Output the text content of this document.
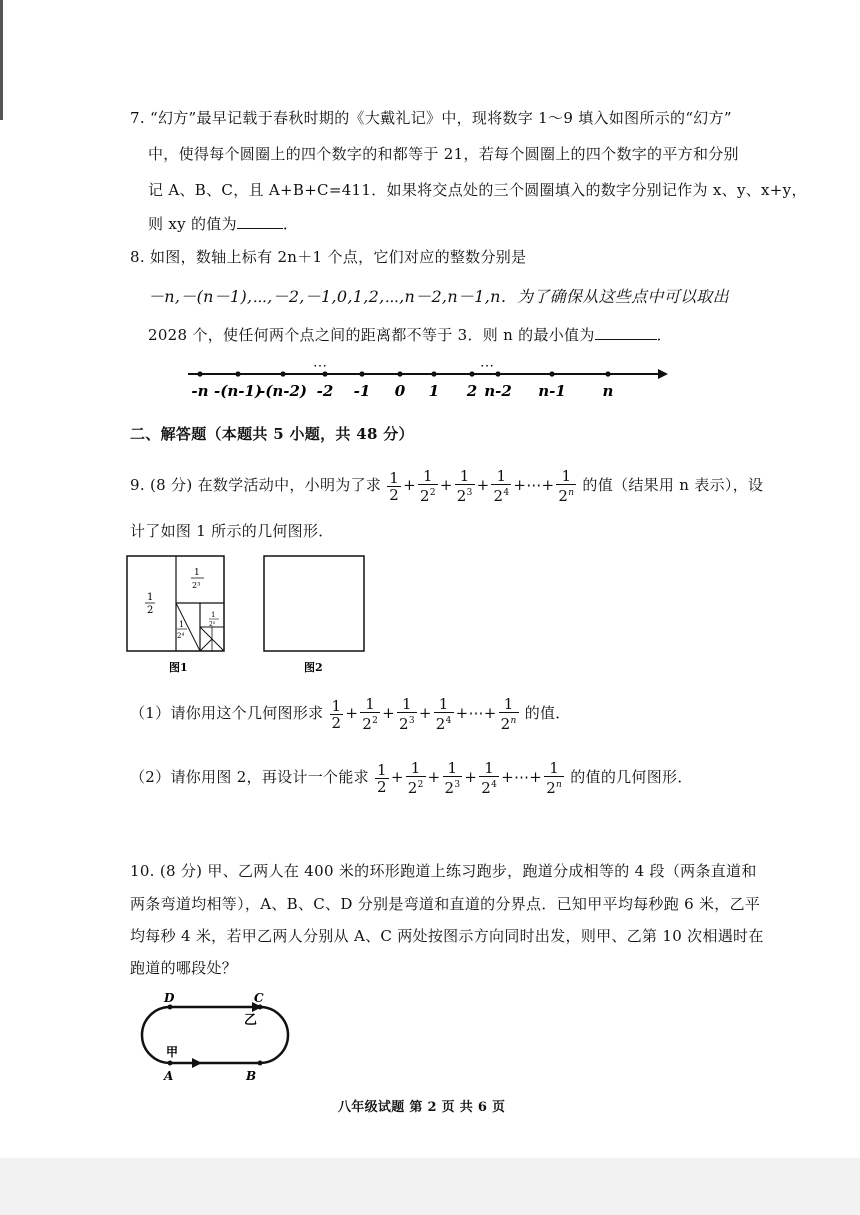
7. “幻方”最早记载于春秋时期的《大戴礼记》中，现将数字 1～9 填入如图所示的“幻方”
中，使得每个圆圈上的四个数字的和都等于 21，若每个圆圈上的四个数字的平方和分别
记 A、B、C，且 A+B+C=411．如果将交点处的三个圆圈填入的数字分别记作为 x、y、x+y，
则 xy 的值为	．
8. 如图，数轴上标有 2n＋1 个点，它们对应的整数分别是
－n,－(n－1),⋯,－2,－1,0,1,2,⋯,n－2,n－1,n．为了确保从这些点中可以取出
2028 个，使任何两个点之间的距离都不等于 3．则 n 的最小值为	．
-n -(n-1)
-(n-2) -2 -1 0 1 2 n-2 n-1 n
⋯	⋯
二、解答题（本题共 5 小题，共 48 分）
9. (8 分) 在数学活动中，小明为了求 $\frac{1}{2} + \frac{1}{2^2} + \frac{1}{2^3} + \frac{1}{2^4}$ +⋯+ $\frac{1}{2^n}$ 的值（结果用 n 表示），设
计了如图 1 所示的几何图形．
1
2
1
2³
1
2⁴
1
2⁵
图1	图2
（1）请你用这个几何图形求 $\frac{1}{2} + \frac{1}{2^2} + \frac{1}{2^3} + \frac{1}{2^4}$ +⋯+ $\frac{1}{2^n}$ 的值．
（2）请你用图 2，再设计一个能求 $\frac{1}{2} + \frac{1}{2^2} + \frac{1}{2^3} + \frac{1}{2^4}$ +⋯+ $\frac{1}{2^n}$ 的值的几何图形．
10. (8 分) 甲、乙两人在 400 米的环形跑道上练习跑步，跑道分成相等的 4 段（两条直道和
两条弯道均相等），A、B、C、D 分别是弯道和直道的分界点．已知甲平均每秒跑 6 米，乙平
均每秒 4 米，若甲乙两人分别从 A、C 两处按图示方向同时出发，则甲、乙第 10 次相遇时在
跑道的哪段处？
D	C
A	B
甲
乙
八年级试题 第 2 页 共 6 页
